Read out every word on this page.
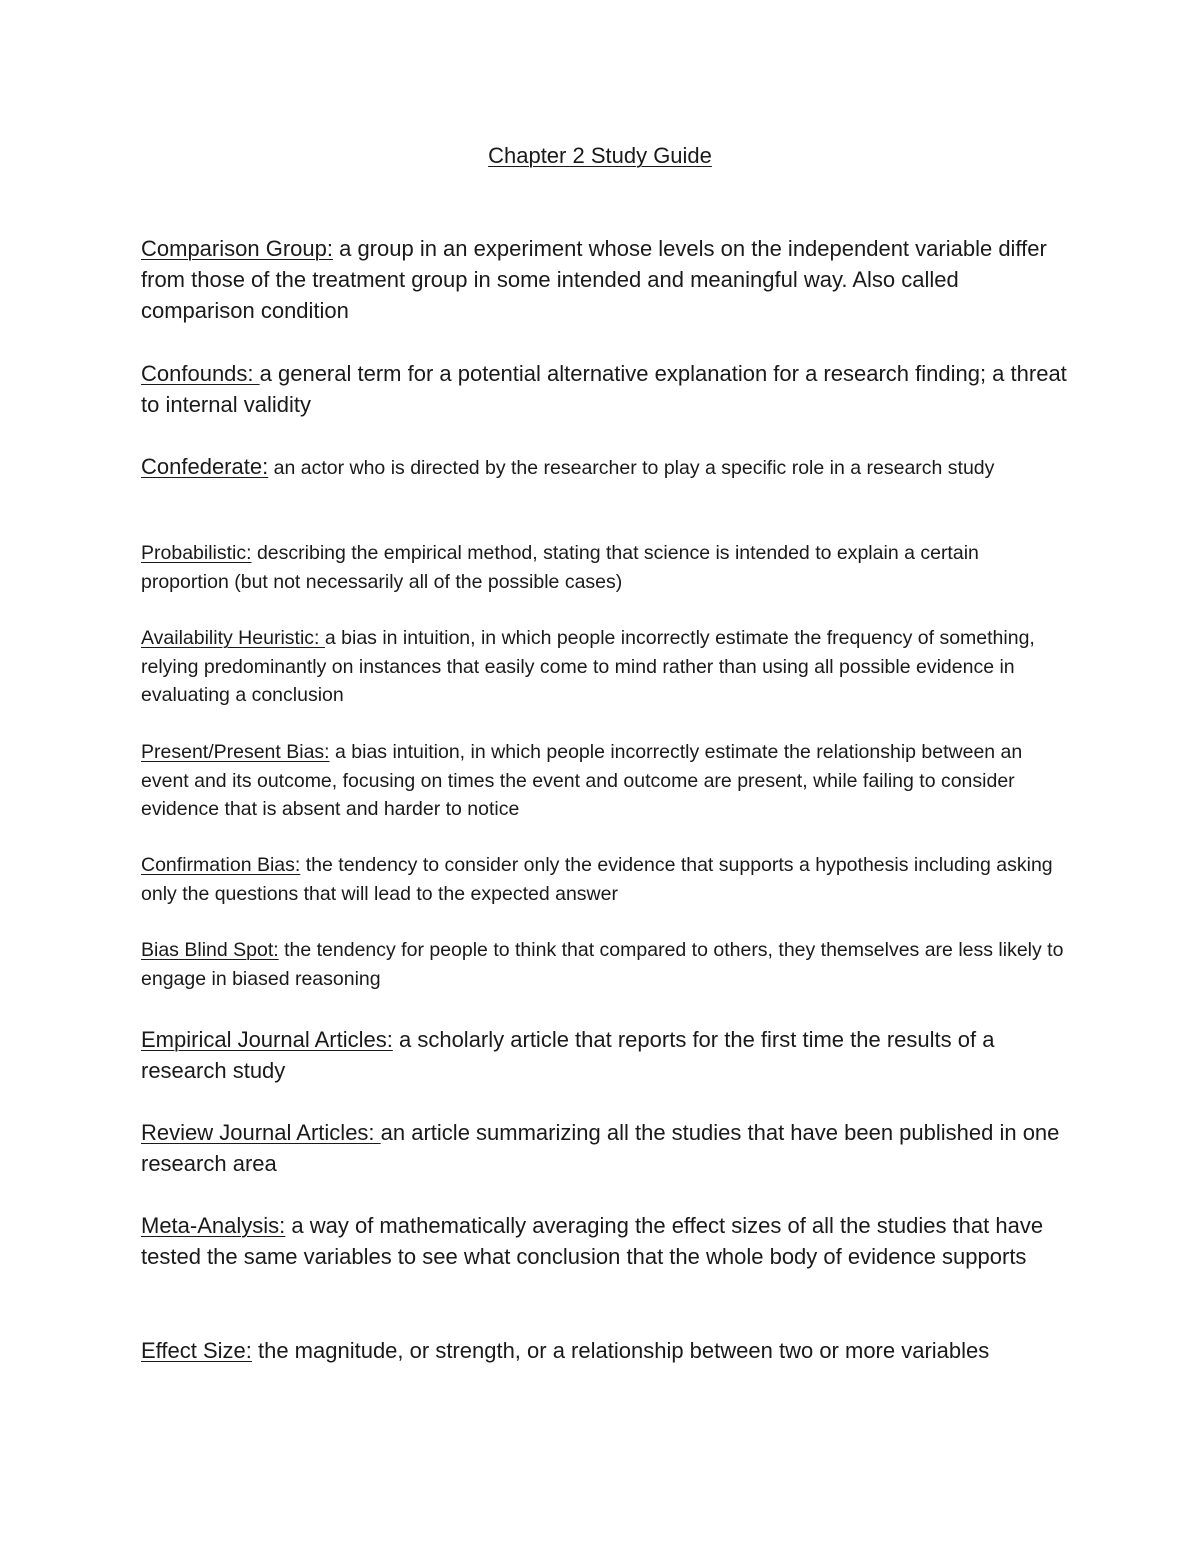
Chapter 2 Study Guide

Comparison Group: a group in an experiment whose levels on the independent variable differ from those of the treatment group in some intended and meaningful way. Also called comparison condition

Confounds: a general term for a potential alternative explanation for a research finding; a threat to internal validity

Confederate: an actor who is directed by the researcher to play a specific role in a research study

Probabilistic: describing the empirical method, stating that science is intended to explain a certain proportion (but not necessarily all of the possible cases)

Availability Heuristic: a bias in intuition, in which people incorrectly estimate the frequency of something, relying predominantly on instances that easily come to mind rather than using all possible evidence in evaluating a conclusion

Present/Present Bias: a bias intuition, in which people incorrectly estimate the relationship between an event and its outcome, focusing on times the event and outcome are present, while failing to consider evidence that is absent and harder to notice

Confirmation Bias: the tendency to consider only the evidence that supports a hypothesis including asking only the questions that will lead to the expected answer

Bias Blind Spot: the tendency for people to think that compared to others, they themselves are less likely to engage in biased reasoning

Empirical Journal Articles: a scholarly article that reports for the first time the results of a research study

Review Journal Articles: an article summarizing all the studies that have been published in one research area

Meta-Analysis: a way of mathematically averaging the effect sizes of all the studies that have tested the same variables to see what conclusion that the whole body of evidence supports

Effect Size: the magnitude, or strength, or a relationship between two or more variables
